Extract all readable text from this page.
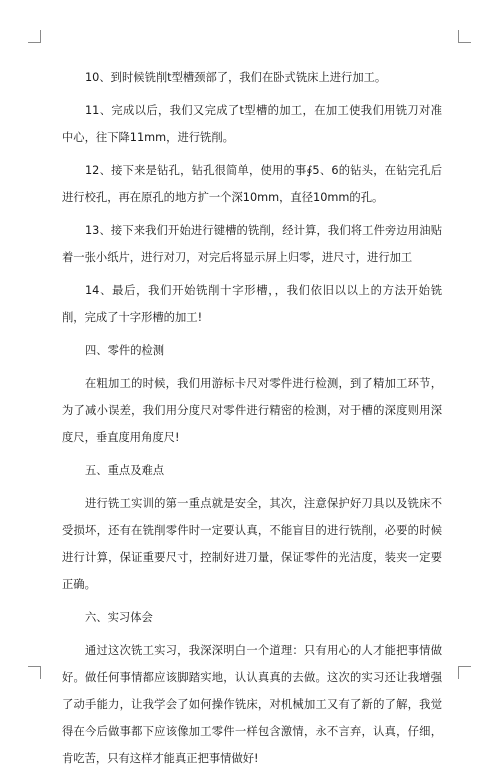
10、到时候铣削t型槽颈部了，我们在卧式铣床上进行加工。

11、完成以后，我们又完成了t型槽的加工，在加工使我们用铣刀对准中心，往下降11mm，进行铣削。

12、接下来是钻孔，钻孔很简单，使用的事∮5、6的钻头，在钻完孔后进行校孔，再在原孔的地方扩一个深10mm，直径10mm的孔。

13、接下来我们开始进行键槽的铣削，经计算，我们将工件旁边用油贴着一张小纸片，进行对刀，对完后将显示屏上归零，进尺寸，进行加工

14、最后，我们开始铣削十字形槽，，我们依旧以以上的方法开始铣削，完成了十字形槽的加工!

四、零件的检测

在粗加工的时候，我们用游标卡尺对零件进行检测，到了精加工环节，为了减小误差，我们用分度尺对零件进行精密的检测，对于槽的深度则用深度尺，垂直度用角度尺!

五、重点及难点

进行铣工实训的第一重点就是安全，其次，注意保护好刀具以及铣床不受损坏，还有在铣削零件时一定要认真，不能盲目的进行铣削，必要的时候进行计算，保证重要尺寸，控制好进刀量，保证零件的光洁度，装夹一定要正确。

六、实习体会

通过这次铣工实习，我深深明白一个道理：只有用心的人才能把事情做好。做任何事情都应该脚踏实地，认认真真的去做。这次的实习还让我增强了动手能力，让我学会了如何操作铣床，对机械加工又有了新的了解，我觉得在今后做事都下应该像加工零件一样包含激情，永不言弃，认真，仔细，肯吃苦，只有这样才能真正把事情做好!
